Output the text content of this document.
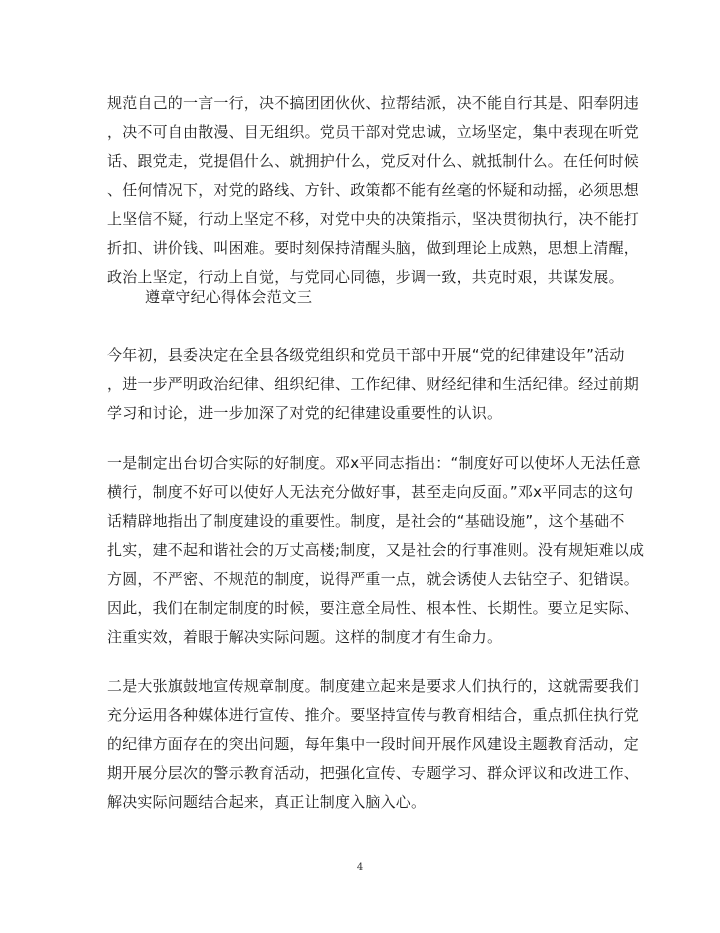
规范自己的一言一行，决不搞团团伙伙、拉帮结派，决不能自行其是、阳奉阴违
，决不可自由散漫、目无组织。党员干部对党忠诚，立场坚定，集中表现在听党
话、跟党走，党提倡什么、就拥护什么，党反对什么、就抵制什么。在任何时候
、任何情况下，对党的路线、方针、政策都不能有丝毫的怀疑和动摇，必须思想
上坚信不疑，行动上坚定不移，对党中央的决策指示，坚决贯彻执行，决不能打
折扣、讲价钱、叫困难。要时刻保持清醒头脑，做到理论上成熟，思想上清醒，
政治上坚定，行动上自觉，与党同心同德，步调一致，共克时艰，共谋发展。
遵章守纪心得体会范文三
今年初，县委决定在全县各级党组织和党员干部中开展“党的纪律建设年”活动
，进一步严明政治纪律、组织纪律、工作纪律、财经纪律和生活纪律。经过前期
学习和讨论，进一步加深了对党的纪律建设重要性的认识。
一是制定出台切合实际的好制度。邓x平同志指出：“制度好可以使坏人无法任意
横行，制度不好可以使好人无法充分做好事，甚至走向反面。”邓x平同志的这句
话精辟地指出了制度建设的重要性。制度，是社会的“基础设施”，这个基础不
扎实，建不起和谐社会的万丈高楼;制度，又是社会的行事准则。没有规矩难以成
方圆，不严密、不规范的制度，说得严重一点，就会诱使人去钻空子、犯错误。
因此，我们在制定制度的时候，要注意全局性、根本性、长期性。要立足实际、
注重实效，着眼于解决实际问题。这样的制度才有生命力。
二是大张旗鼓地宣传规章制度。制度建立起来是要求人们执行的，这就需要我们
充分运用各种媒体进行宣传、推介。要坚持宣传与教育相结合，重点抓住执行党
的纪律方面存在的突出问题，每年集中一段时间开展作风建设主题教育活动，定
期开展分层次的警示教育活动，把强化宣传、专题学习、群众评议和改进工作、
解决实际问题结合起来，真正让制度入脑入心。
4
